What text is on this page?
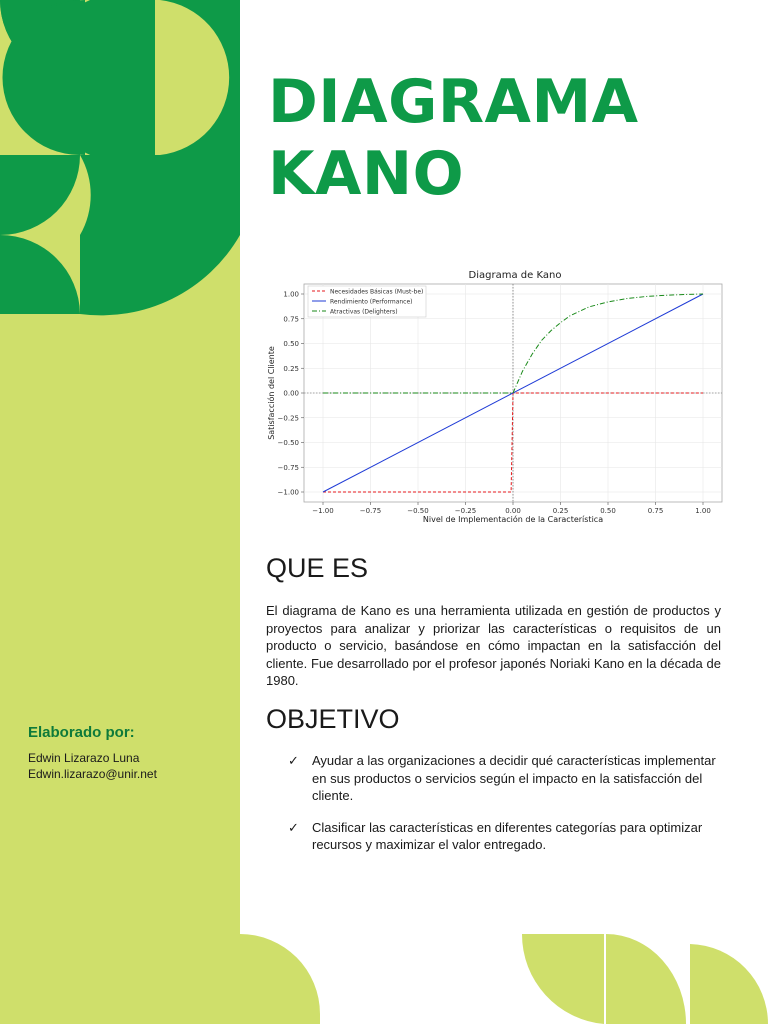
DIAGRAMA
KANO
Diagrama de Kano
−1.00	−0.75	−0.50	−0.25	0.00	0.25	0.50	0.75	1.00
−1.00
−0.75
−0.50
−0.25
0.00
0.25
0.50
0.75
1.00
Nivel de Implementación de la Característica
Satisfacción del Cliente
Necesidades Básicas (Must-be)
Rendimiento (Performance)
Atractivas (Delighters)
QUE ES

El diagrama de Kano es una herramienta utilizada en gestión de productos y proyectos para analizar y priorizar las características o requisitos de un producto o servicio, basándose en cómo impactan en la satisfacción del cliente. Fue desarrollado por el profesor japonés Noriaki Kano en la década de 1980.

OBJETIVO
✓ Ayudar a las organizaciones a decidir qué características implementar en sus productos o servicios según el impacto en la satisfacción del cliente.
✓ Clasificar las características en diferentes categorías para optimizar recursos y maximizar el valor entregado.

Elaborado por:

Edwin Lizarazo Luna
Edwin.lizarazo@unir.net
